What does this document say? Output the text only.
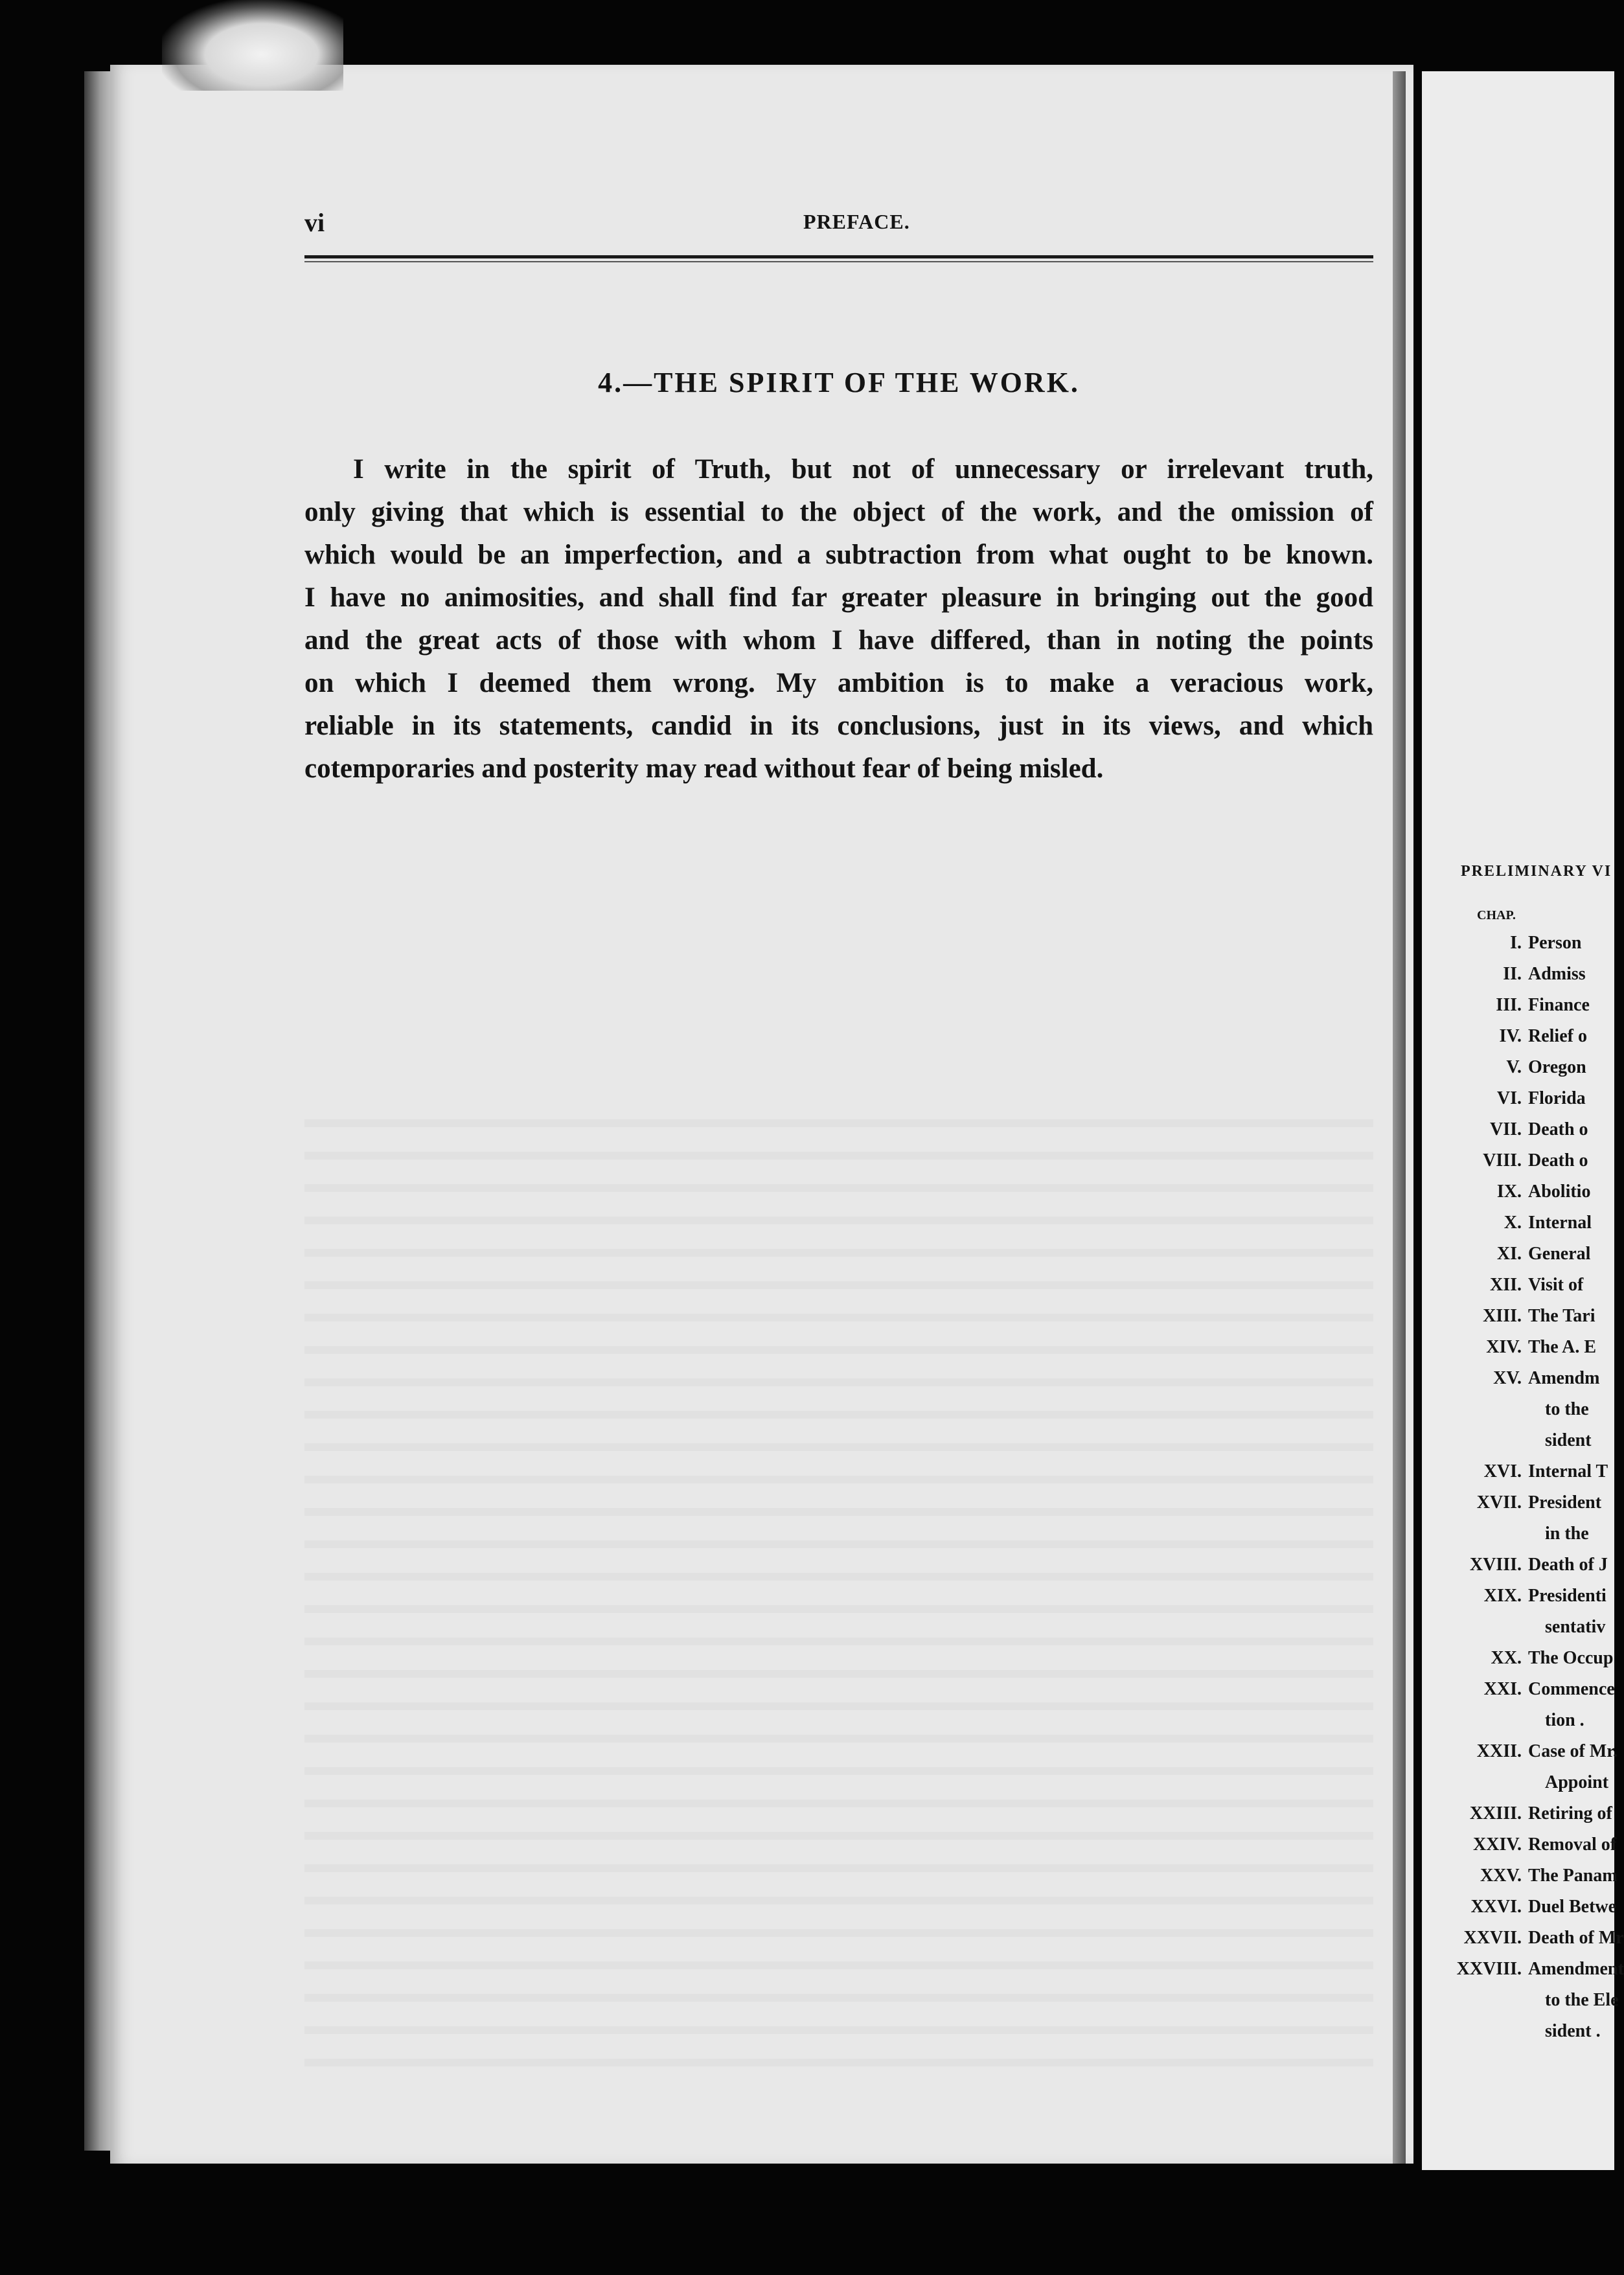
vi	PREFACE.
4.—THE SPIRIT OF THE WORK.
I write in the spirit of Truth, but not of unnecessary or irrelevant truth,
only giving that which is essential to the object of the work, and the omission of
which would be an imperfection, and a subtraction from what ought to be known.
I have no animosities, and shall find far greater pleasure in bringing out the good
and the great acts of those with whom I have differed, than in noting the points
on which I deemed them wrong. My ambition is to make a veracious work,
reliable in its statements, candid in its conclusions, just in its views, and which
cotemporaries and posterity may read without fear of being misled.
PRELIMINARY VI
CHAP.
I. Person
II. Admiss
III. Finance
IV. Relief o
V. Oregon
VI. Florida
VII. Death o
VIII. Death o
IX. Abolitio
X. Internal
XI. General
XII. Visit of
XIII. The Tari
XIV. The A. E
XV. Amendm
to the
sident
XVI. Internal T
XVII. President
in the
XVIII. Death of J
XIX. Presidenti
sentativ
XX. The Occup
XXI. Commence
tion .
XXII. Case of Mr.
Appoint
XXIII. Retiring of
XXIV. Removal of
XXV. The Panam
XXVI. Duel Betwe
XXVII. Death of Mr
XXVIII. Amendment
to the Ele
sident .
